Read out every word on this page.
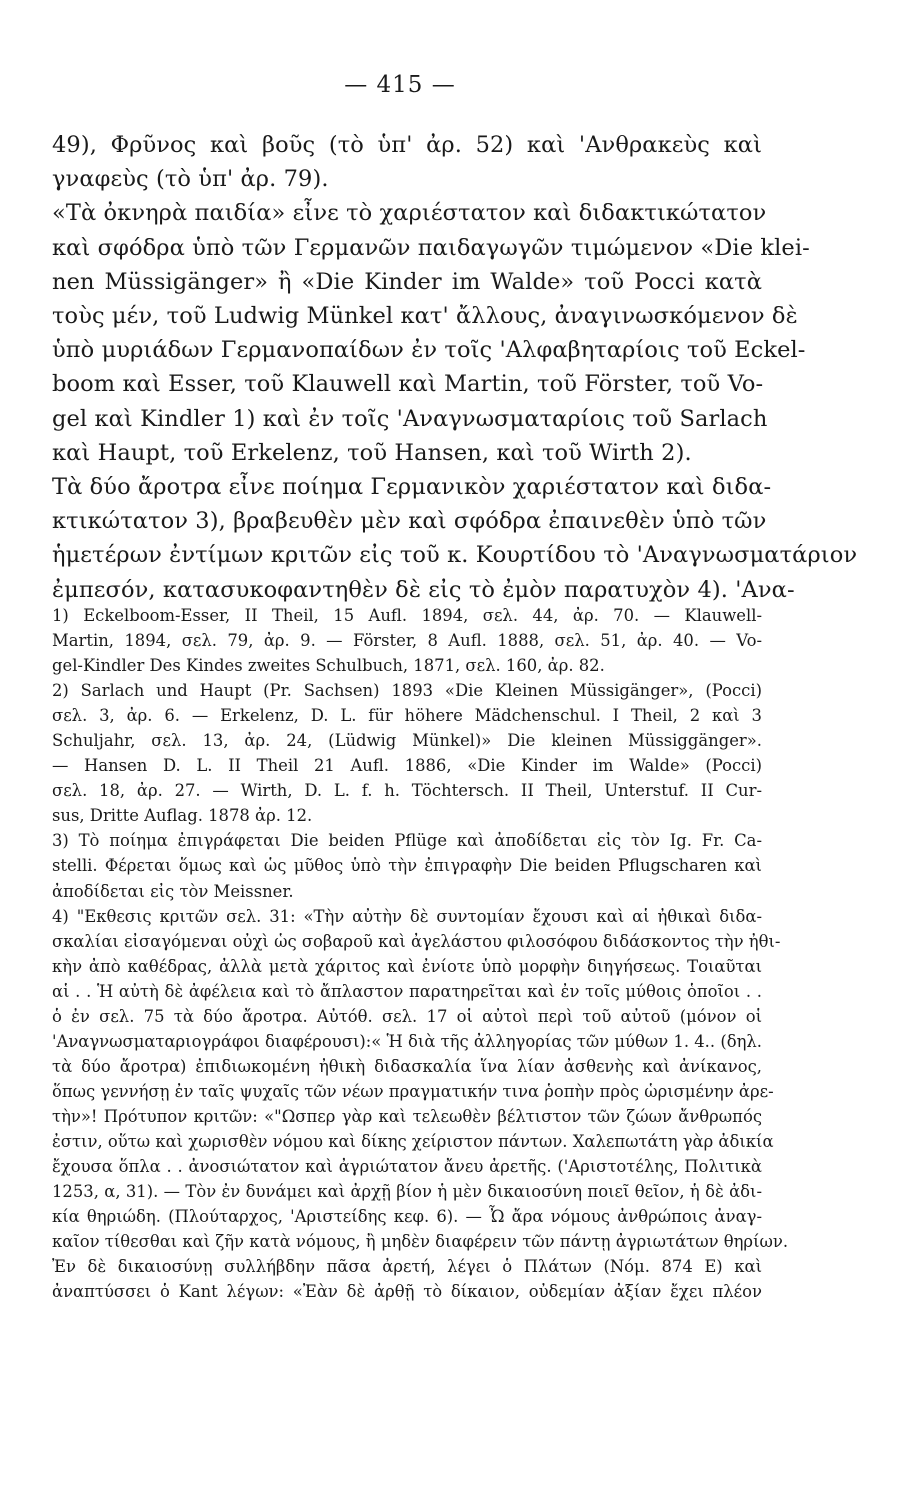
— 415 —
49), Φρῦνος καὶ βοῦς (τὸ ὑπ' ἀρ. 52) καὶ 'Ανθρακεὺς καὶ
γναφεὺς (τὸ ὑπ' ἀρ. 79).
«Τὰ ὀκνηρὰ παιδία» εἶνε τὸ χαριέστατον καὶ διδακτικώτατον
καὶ σφόδρα ὑπὸ τῶν Γερμανῶν παιδαγωγῶν τιμώμενον «Die klei-
nen Müssigänger» ἢ «Die Kinder im Walde» τοῦ Pocci κατὰ
τοὺς μέν, τοῦ Ludwig Münkel κατ' ἄλλους, ἀναγινωσκόμενον δὲ
ὑπὸ μυριάδων Γερμανοπαίδων ἐν τοῖς 'Αλφαβηταρίοις τοῦ Eckel-
boom καὶ Esser, τοῦ Klauwell καὶ Martin, τοῦ Förster, τοῦ Vo-
gel καὶ Kindler 1) καὶ ἐν τοῖς 'Αναγνωσματαρίοις τοῦ Sarlach
καὶ Haupt, τοῦ Erkelenz, τοῦ Hansen, καὶ τοῦ Wirth 2).
Τὰ δύο ἄροτρα εἶνε ποίημα Γερμανικὸν χαριέστατον καὶ διδα-
κτικώτατον 3), βραβευθὲν μὲν καὶ σφόδρα ἐπαινεθὲν ὑπὸ τῶν
ἡμετέρων ἐντίμων κριτῶν εἰς τοῦ κ. Κουρτίδου τὸ 'Αναγνωσματάριον
ἐμπεσόν, κατασυκοφαντηθὲν δὲ εἰς τὸ ἐμὸν παρατυχὸν 4). 'Ανα-
1) Eckelboom-Esser, II Theil, 15 Aufl. 1894, σελ. 44, ἀρ. 70. — Klauwell-
Martin, 1894, σελ. 79, ἀρ. 9. — Förster, 8 Aufl. 1888, σελ. 51, ἀρ. 40. — Vo-
gel-Kindler Des Kindes zweites Schulbuch, 1871, σελ. 160, ἀρ. 82.
2) Sarlach und Haupt (Pr. Sachsen) 1893 «Die Kleinen Müssigänger», (Pocci)
σελ. 3, ἀρ. 6. — Erkelenz, D. L. für höhere Mädchenschul. I Theil, 2 καὶ 3
Schuljahr, σελ. 13, ἀρ. 24, (Lüdwig Münkel)» Die kleinen Müssiggänger».
— Hansen D. L. II Theil 21 Aufl. 1886, «Die Kinder im Walde» (Pocci)
σελ. 18, ἀρ. 27. — Wirth, D. L. f. h. Töchtersch. II Theil, Unterstuf. II Cur-
sus, Dritte Auflag. 1878 ἀρ. 12.
3) Τὸ ποίημα ἐπιγράφεται Die beiden Pflüge καὶ ἀποδίδεται εἰς τὸν Ig. Fr. Ca-
stelli. Φέρεται ὅμως καὶ ὡς μῦθος ὑπὸ τὴν ἐπιγραφὴν Die beiden Pflugscharen καὶ
ἀποδίδεται εἰς τὸν Meissner.
4) "Εκθεσις κριτῶν σελ. 31: «Τὴν αὐτὴν δὲ συντομίαν ἔχουσι καὶ αἱ ἠθικαὶ διδα-
σκαλίαι εἰσαγόμεναι οὐχὶ ὡς σοβαροῦ καὶ ἀγελάστου φιλοσόφου διδάσκοντος τὴν ἠθι-
κὴν ἀπὸ καθέδρας, ἀλλὰ μετὰ χάριτος καὶ ἐνίοτε ὑπὸ μορφὴν διηγήσεως. Τοιαῦται
αἱ . . Ἡ αὐτὴ δὲ ἀφέλεια καὶ τὸ ἄπλαστον παρατηρεῖται καὶ ἐν τοῖς μύθοις ὁποῖοι . .
ὁ ἐν σελ. 75 τὰ δύο ἄροτρα. Αὐτόθ. σελ. 17 οἱ αὐτοὶ περὶ τοῦ αὐτοῦ (μόνον οἱ
'Αναγνωσματαριογράφοι διαφέρουσι):« Ἡ διὰ τῆς ἀλληγορίας τῶν μύθων 1. 4.. (δηλ.
τὰ δύο ἄροτρα) ἐπιδιωκομένη ἠθικὴ διδασκαλία ἵνα λίαν ἀσθενὴς καὶ ἀνίκανος,
ὅπως γεννήσῃ ἐν ταῖς ψυχαῖς τῶν νέων πραγματικήν τινα ῥοπὴν πρὸς ὡρισμένην ἀρε-
τὴν»! Πρότυπον κριτῶν: «"Ωσπερ γὰρ καὶ τελεωθὲν βέλτιστον τῶν ζώων ἄνθρωπός
ἐστιν, οὕτω καὶ χωρισθὲν νόμου καὶ δίκης χείριστον πάντων. Χαλεπωτάτη γὰρ ἀδικία
ἔχουσα ὅπλα . . ἀνοσιώτατον καὶ ἀγριώτατον ἄνευ ἀρετῆς. ('Αριστοτέλης, Πολιτικὰ
1253, α, 31). — Τὸν ἐν δυνάμει καὶ ἀρχῇ βίον ἡ μὲν δικαιοσύνη ποιεῖ θεῖον, ἡ δὲ ἀδι-
κία θηριώδη. (Πλούταρχος, 'Αριστείδης κεφ. 6). — Ὦ ἄρα νόμους ἀνθρώποις ἀναγ-
καῖον τίθεσθαι καὶ ζῆν κατὰ νόμους, ἢ μηδὲν διαφέρειν τῶν πάντῃ ἀγριωτάτων θηρίων.
Ἐν δὲ δικαιοσύνῃ συλλήβδην πᾶσα ἀρετή, λέγει ὁ Πλάτων (Νόμ. 874 Ε) καὶ
ἀναπτύσσει ὁ Kant λέγων: «Ἐὰν δὲ ἀρθῇ τὸ δίκαιον, οὐδεμίαν ἀξίαν ἔχει πλέον
